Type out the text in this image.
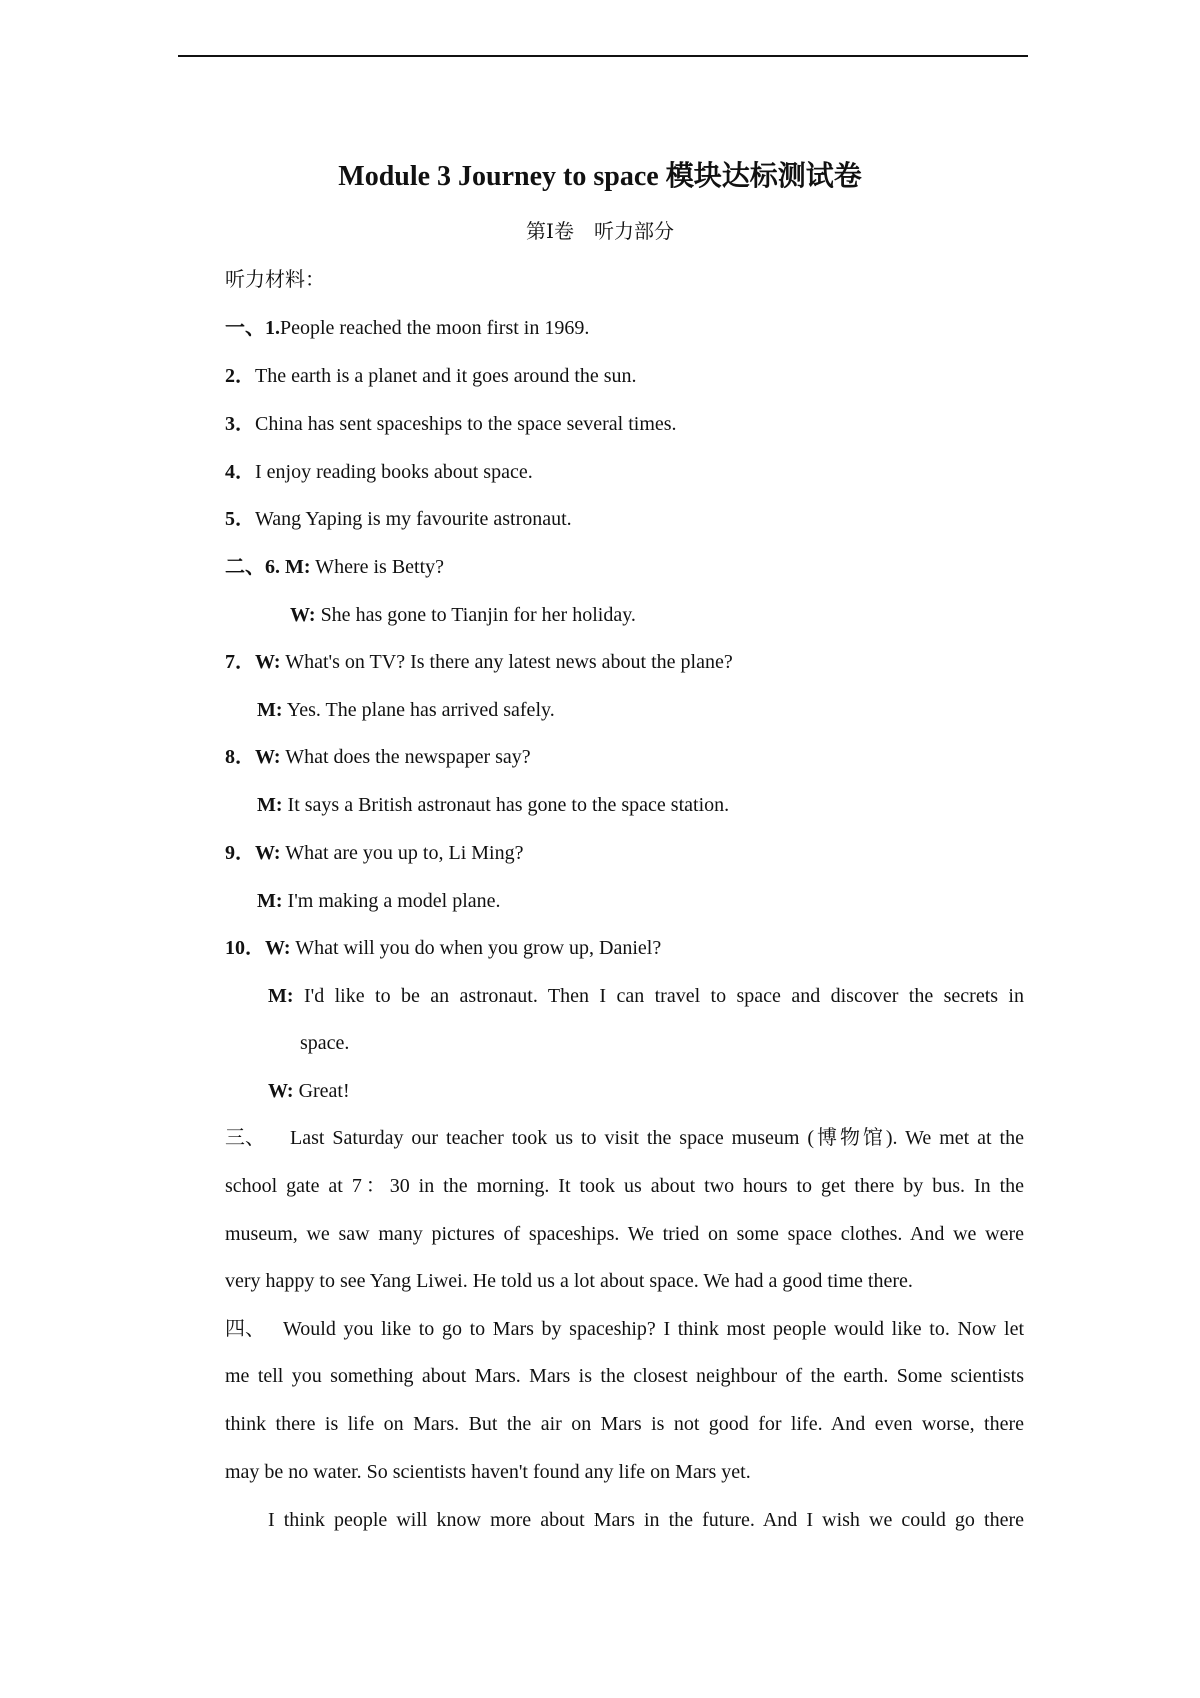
Module 3 Journey to space 模块达标测试卷
第Ⅰ卷　听力部分
听力材料：
一、1.People reached the moon first in 1969.
2．The earth is a planet and it goes around the sun.
3．China has sent spaceships to the space several times.
4．I enjoy reading books about space.
5．Wang Yaping is my favourite astronaut.
二、6. M: Where is Betty?
W: She has gone to Tianjin for her holiday.
7．W: What's on TV? Is there any latest news about the plane?
M: Yes. The plane has arrived safely.
8．W: What does the newspaper say?
M: It says a British astronaut has gone to the space station.
9．W: What are you up to, Li Ming?
M: I'm making a model plane.
10．W: What will you do when you grow up, Daniel?
M: I'd like to be an astronaut. Then I can travel to space and discover the secrets in
space.
W: Great!
三、 Last Saturday our teacher took us to visit the space museum (博物馆). We met at the
school gate at 7：30 in the morning. It took us about two hours to get there by bus. In the
museum, we saw many pictures of spaceships. We tried on some space clothes. And we were
very happy to see Yang Liwei. He told us a lot about space. We had a good time there.
四、 Would you like to go to Mars by spaceship? I think most people would like to. Now let
me tell you something about Mars. Mars is the closest neighbour of the earth. Some scientists
think there is life on Mars. But the air on Mars is not good for life. And even worse, there
may be no water. So scientists haven't found any life on Mars yet.
I think people will know more about Mars in the future. And I wish we could go there
